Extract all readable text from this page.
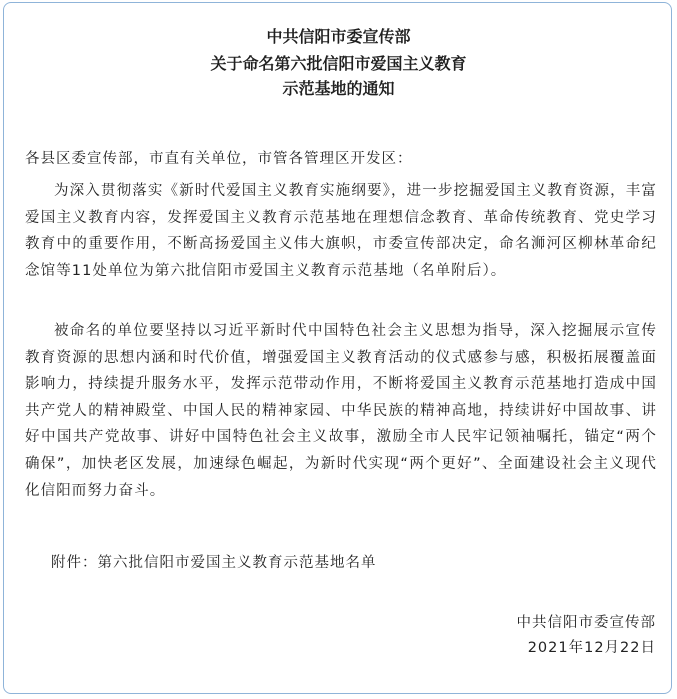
中共信阳市委宣传部
关于命名第六批信阳市爱国主义教育
示范基地的通知
各县区委宣传部，市直有关单位，市管各管理区开发区：
为深入贯彻落实《新时代爱国主义教育实施纲要》，进一步挖掘爱国主义教育资源，丰富爱国主义教育内容，发挥爱国主义教育示范基地在理想信念教育、革命传统教育、党史学习教育中的重要作用，不断高扬爱国主义伟大旗帜，市委宣传部决定，命名浉河区柳林革命纪念馆等11处单位为第六批信阳市爱国主义教育示范基地（名单附后）。
被命名的单位要坚持以习近平新时代中国特色社会主义思想为指导，深入挖掘展示宣传教育资源的思想内涵和时代价值，增强爱国主义教育活动的仪式感参与感，积极拓展覆盖面影响力，持续提升服务水平，发挥示范带动作用，不断将爱国主义教育示范基地打造成中国共产党人的精神殿堂、中国人民的精神家园、中华民族的精神高地，持续讲好中国故事、讲好中国共产党故事、讲好中国特色社会主义故事，激励全市人民牢记领袖嘱托，锚定“两个确保”，加快老区发展，加速绿色崛起，为新时代实现“两个更好”、全面建设社会主义现代化信阳而努力奋斗。
附件：第六批信阳市爱国主义教育示范基地名单
中共信阳市委宣传部
2021年12月22日
